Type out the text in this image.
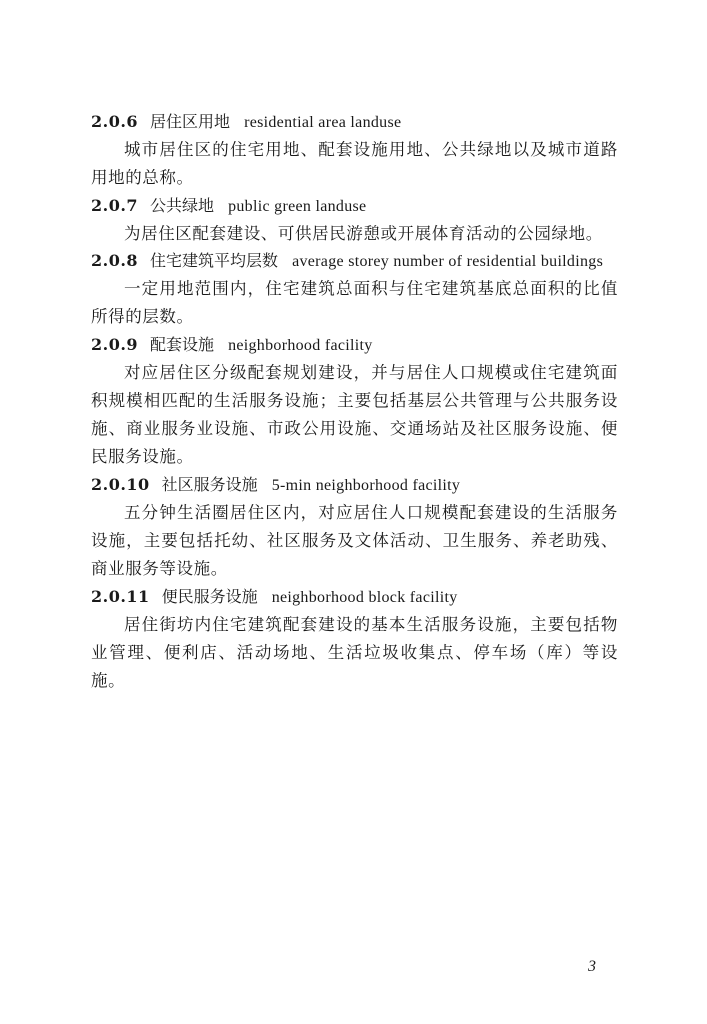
2.0.6 居住区用地 residential area landuse

城市居住区的住宅用地、配套设施用地、公共绿地以及城市道路用地的总称。

2.0.7 公共绿地 public green landuse

为居住区配套建设、可供居民游憩或开展体育活动的公园绿地。

2.0.8 住宅建筑平均层数 average storey number of residential buildings

一定用地范围内，住宅建筑总面积与住宅建筑基底总面积的比值所得的层数。

2.0.9 配套设施 neighborhood facility

对应居住区分级配套规划建设，并与居住人口规模或住宅建筑面积规模相匹配的生活服务设施；主要包括基层公共管理与公共服务设施、商业服务业设施、市政公用设施、交通场站及社区服务设施、便民服务设施。

2.0.10 社区服务设施 5-min neighborhood facility

五分钟生活圈居住区内，对应居住人口规模配套建设的生活服务设施，主要包括托幼、社区服务及文体活动、卫生服务、养老助残、商业服务等设施。

2.0.11 便民服务设施 neighborhood block facility

居住街坊内住宅建筑配套建设的基本生活服务设施，主要包括物业管理、便利店、活动场地、生活垃圾收集点、停车场（库）等设施。

3
